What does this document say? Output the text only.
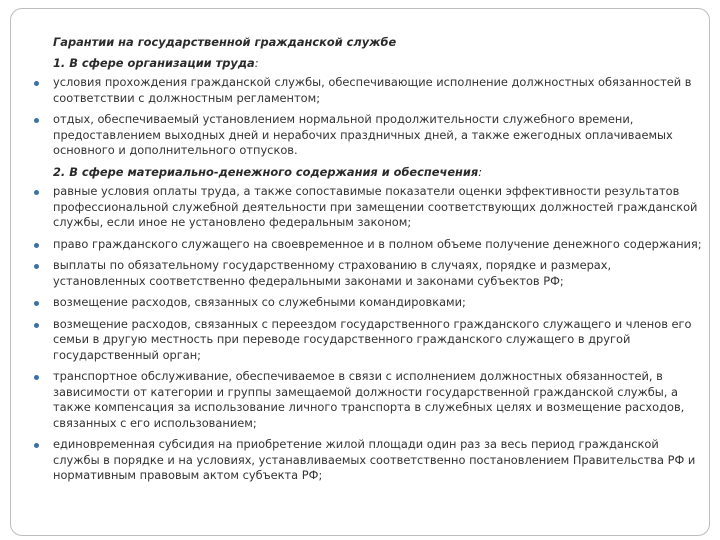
Гарантии на государственной гражданской службе
1. В сфере организации труда:
условия прохождения гражданской службы, обеспечивающие исполнение должностных обязанностей в соответствии с должностным регламентом;
отдых, обеспечиваемый установлением нормальной продолжительности служебного времени, предоставлением выходных дней и нерабочих праздничных дней, а также ежегодных оплачиваемых основного и дополнительного отпусков.
2. В сфере материально-денежного содержания и обеспечения:
равные условия оплаты труда, а также сопоставимые показатели оценки эффективности результатов профессиональной служебной деятельности при замещении соответствующих должностей гражданской службы, если иное не установлено федеральным законом;
право гражданского служащего на своевременное и в полном объеме получение денежного содержания;
выплаты по обязательному государственному страхованию в случаях, порядке и размерах, установленных соответственно федеральными законами и законами субъектов РФ;
возмещение расходов, связанных со служебными командировками;
возмещение расходов, связанных с переездом государственного гражданского служащего и членов его семьи в другую местность при переводе государственного гражданского служащего в другой государственный орган;
транспортное обслуживание, обеспечиваемое в связи с исполнением должностных обязанностей, в зависимости от категории и группы замещаемой должности государственной гражданской службы, а также компенсация за использование личного транспорта в служебных целях и возмещение расходов, связанных с его использованием;
единовременная субсидия на приобретение жилой площади один раз за весь период гражданской службы в порядке и на условиях, устанавливаемых соответственно постановлением Правительства РФ и нормативным правовым актом субъекта РФ;
